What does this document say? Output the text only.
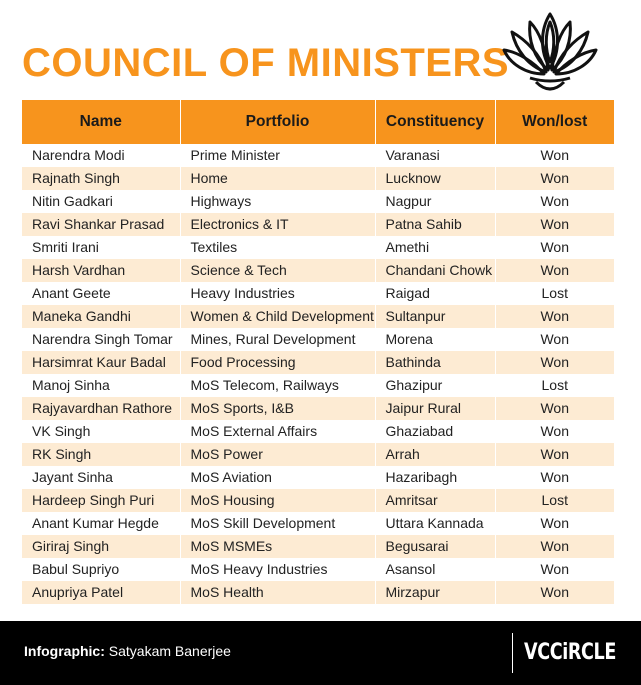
COUNCIL OF MINISTERS
Name	Portfolio	Constituency	Won/lost
Narendra Modi	Prime Minister	Varanasi	Won
Rajnath Singh	Home	Lucknow	Won
Nitin Gadkari	Highways	Nagpur	Won
Ravi Shankar Prasad	Electronics & IT	Patna Sahib	Won
Smriti Irani	Textiles	Amethi	Won
Harsh Vardhan	Science & Tech	Chandani Chowk	Won
Anant Geete	Heavy Industries	Raigad	Lost
Maneka Gandhi	Women & Child Development	Sultanpur	Won
Narendra Singh Tomar	Mines, Rural Development	Morena	Won
Harsimrat Kaur Badal	Food Processing	Bathinda	Won
Manoj Sinha	MoS Telecom, Railways	Ghazipur	Lost
Rajyavardhan Rathore	MoS Sports, I&B	Jaipur Rural	Won
VK Singh	MoS External Affairs	Ghaziabad	Won
RK Singh	MoS Power	Arrah	Won
Jayant Sinha	MoS Aviation	Hazaribagh	Won
Hardeep Singh Puri	MoS Housing	Amritsar	Lost
Anant Kumar Hegde	MoS Skill Development	Uttara Kannada	Won
Giriraj Singh	MoS MSMEs	Begusarai	Won
Babul Supriyo	MoS Heavy Industries	Asansol	Won
Anupriya Patel	MoS Health	Mirzapur	Won
Infographic: Satyakam Banerjee	VCCiRCLE
